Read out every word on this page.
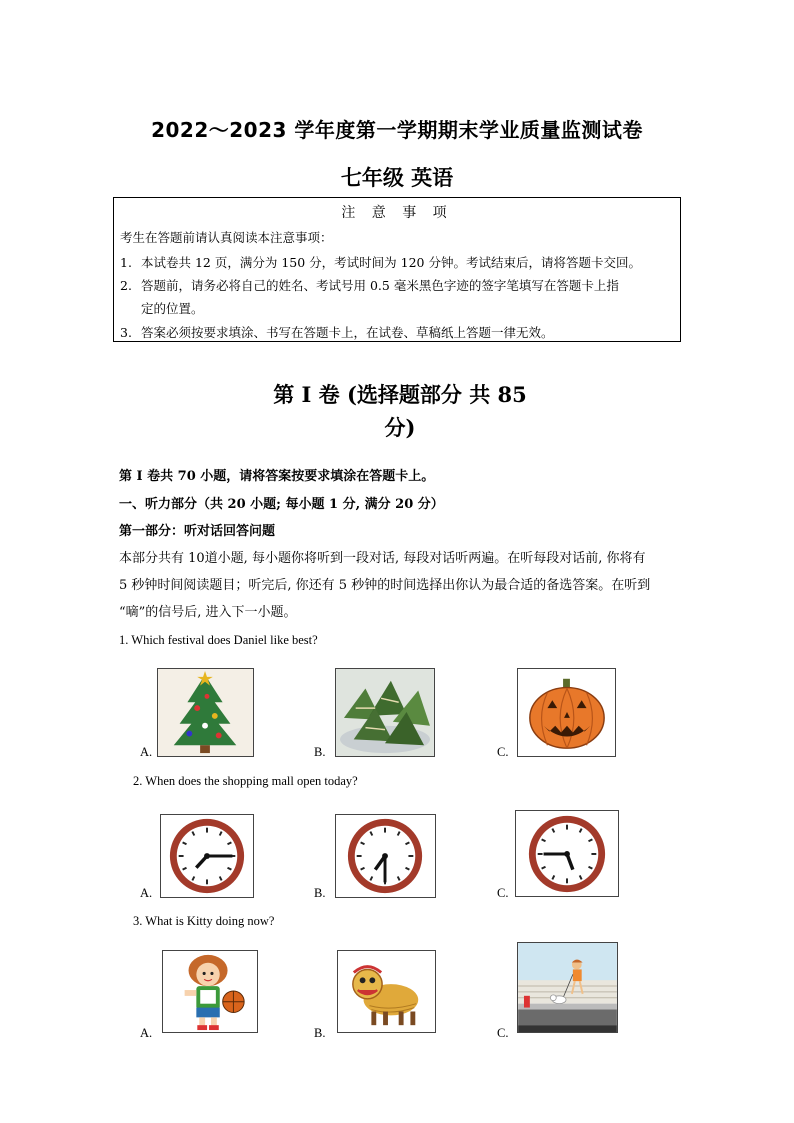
2022～2023 学年度第一学期期末学业质量监测试卷
七年级 英语
注 意 事 项
考生在答题前请认真阅读本注意事项：
1. 本试卷共 12 页，满分为 150 分，考试时间为 120 分钟。考试结束后，请将答题卡交回。
2. 答题前，请务必将自己的姓名、考试号用 0.5 毫米黑色字迹的签字笔填写在答题卡上指
定的位置。
3. 答案必须按要求填涂、书写在答题卡上，在试卷、草稿纸上答题一律无效。
第 I 卷 (选择题部分 共 85
分)
第 I 卷共 70 小题，请将答案按要求填涂在答题卡上。
一、听力部分（共 20 小题; 每小题 1 分, 满分 20 分）
第一部分：听对话回答问题
本部分共有 10道小题, 每小题你将听到一段对话, 每段对话听两遍。在听每段对话前, 你将有
5 秒钟时间阅读题目；听完后, 你还有 5 秒钟的时间选择出你认为最合适的备选答案。在听到
“嘀”的信号后, 进入下一小题。
1. Which festival does Daniel like best?
A.	B.	C.
2. When does the shopping mall open today?
A.	B.	C.
3. What is Kitty doing now?
A.	B.	C.
